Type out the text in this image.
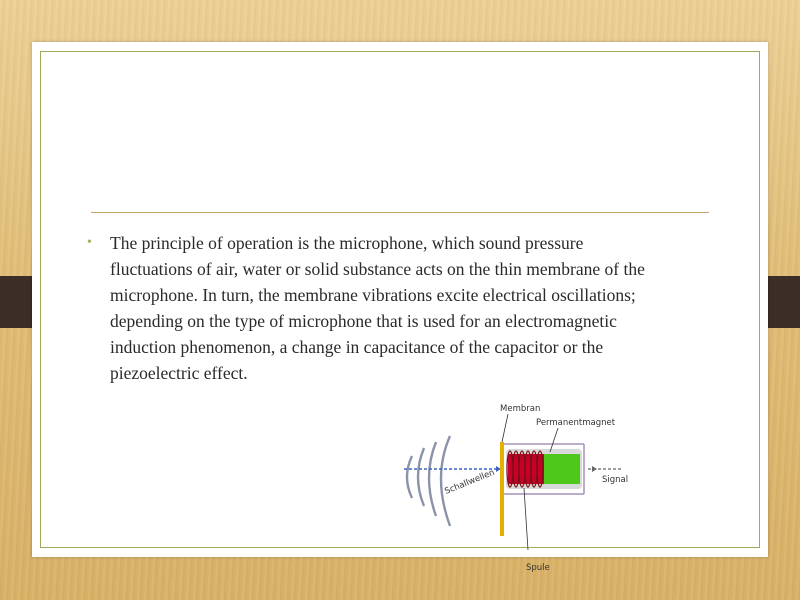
•	The principle of operation is the microphone, which sound pressure fluctuations of air, water or solid substance acts on the thin membrane of the microphone. In turn, the membrane vibrations excite electrical oscillations; depending on the type of microphone that is used for an electromagnetic induction phenomenon, a change in capacitance of the capacitor or the piezoelectric effect.
Membran
Permanentmagnet
Schallwellen	Signal
Spule
